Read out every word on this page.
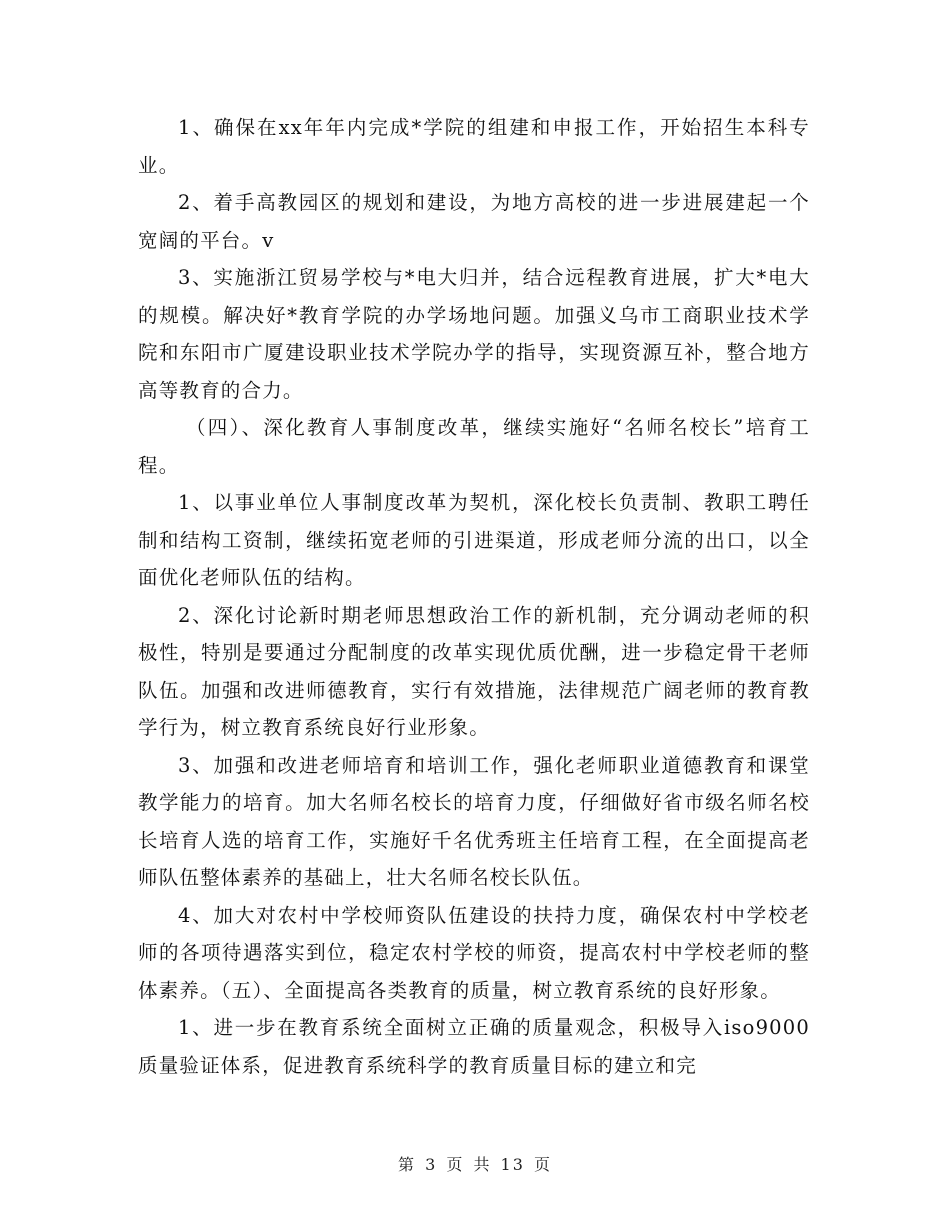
1、确保在xx年年内完成*学院的组建和申报工作，开始招生本科专业。

2、着手高教园区的规划和建设，为地方高校的进一步进展建起一个宽阔的平台。v

3、实施浙江贸易学校与*电大归并，结合远程教育进展，扩大*电大的规模。解决好*教育学院的办学场地问题。加强义乌市工商职业技术学院和东阳市广厦建设职业技术学院办学的指导，实现资源互补，整合地方高等教育的合力。

（四）、深化教育人事制度改革，继续实施好“名师名校长”培育工程。

1、以事业单位人事制度改革为契机，深化校长负责制、教职工聘任制和结构工资制，继续拓宽老师的引进渠道，形成老师分流的出口，以全面优化老师队伍的结构。

2、深化讨论新时期老师思想政治工作的新机制，充分调动老师的积极性，特别是要通过分配制度的改革实现优质优酬，进一步稳定骨干老师队伍。加强和改进师德教育，实行有效措施，法律规范广阔老师的教育教学行为，树立教育系统良好行业形象。

3、加强和改进老师培育和培训工作，强化老师职业道德教育和课堂教学能力的培育。加大名师名校长的培育力度，仔细做好省市级名师名校长培育人选的培育工作，实施好千名优秀班主任培育工程，在全面提高老师队伍整体素养的基础上，壮大名师名校长队伍。

4、加大对农村中学校师资队伍建设的扶持力度，确保农村中学校老师的各项待遇落实到位，稳定农村学校的师资，提高农村中学校老师的整体素养。（五）、全面提高各类教育的质量，树立教育系统的良好形象。

1、进一步在教育系统全面树立正确的质量观念，积极导入iso9000质量验证体系，促进教育系统科学的教育质量目标的建立和完

第 3 页 共 13 页
